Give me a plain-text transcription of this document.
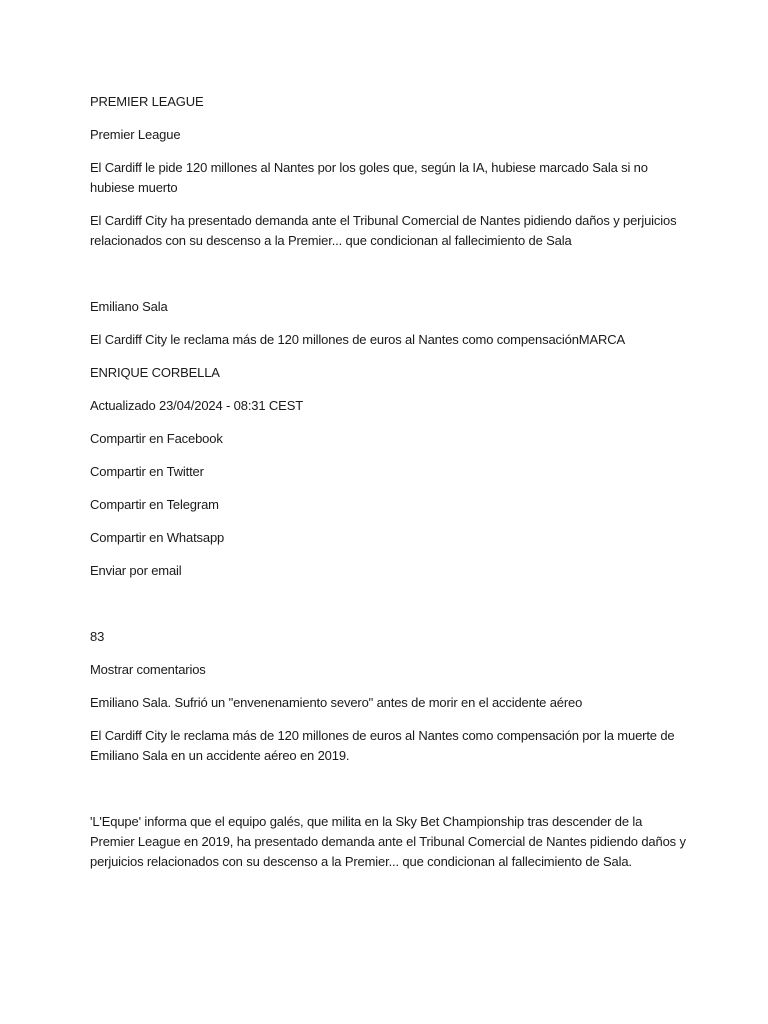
PREMIER LEAGUE

Premier League

El Cardiff le pide 120 millones al Nantes por los goles que, según la IA, hubiese marcado Sala si no hubiese muerto

El Cardiff City ha presentado demanda ante el Tribunal Comercial de Nantes pidiendo daños y perjuicios relacionados con su descenso a la Premier... que condicionan al fallecimiento de Sala

Emiliano Sala

El Cardiff City le reclama más de 120 millones de euros al Nantes como compensaciónMARCA

ENRIQUE CORBELLA

Actualizado 23/04/2024 - 08:31 CEST

Compartir en Facebook

Compartir en Twitter

Compartir en Telegram

Compartir en Whatsapp

Enviar por email

83

Mostrar comentarios

Emiliano Sala. Sufrió un "envenenamiento severo" antes de morir en el accidente aéreo

El Cardiff City le reclama más de 120 millones de euros al Nantes como compensación por la muerte de Emiliano Sala en un accidente aéreo en 2019.

'L'Equpe' informa que el equipo galés, que milita en la Sky Bet Championship tras descender de la Premier League en 2019, ha presentado demanda ante el Tribunal Comercial de Nantes pidiendo daños y perjuicios relacionados con su descenso a la Premier... que condicionan al fallecimiento de Sala.
